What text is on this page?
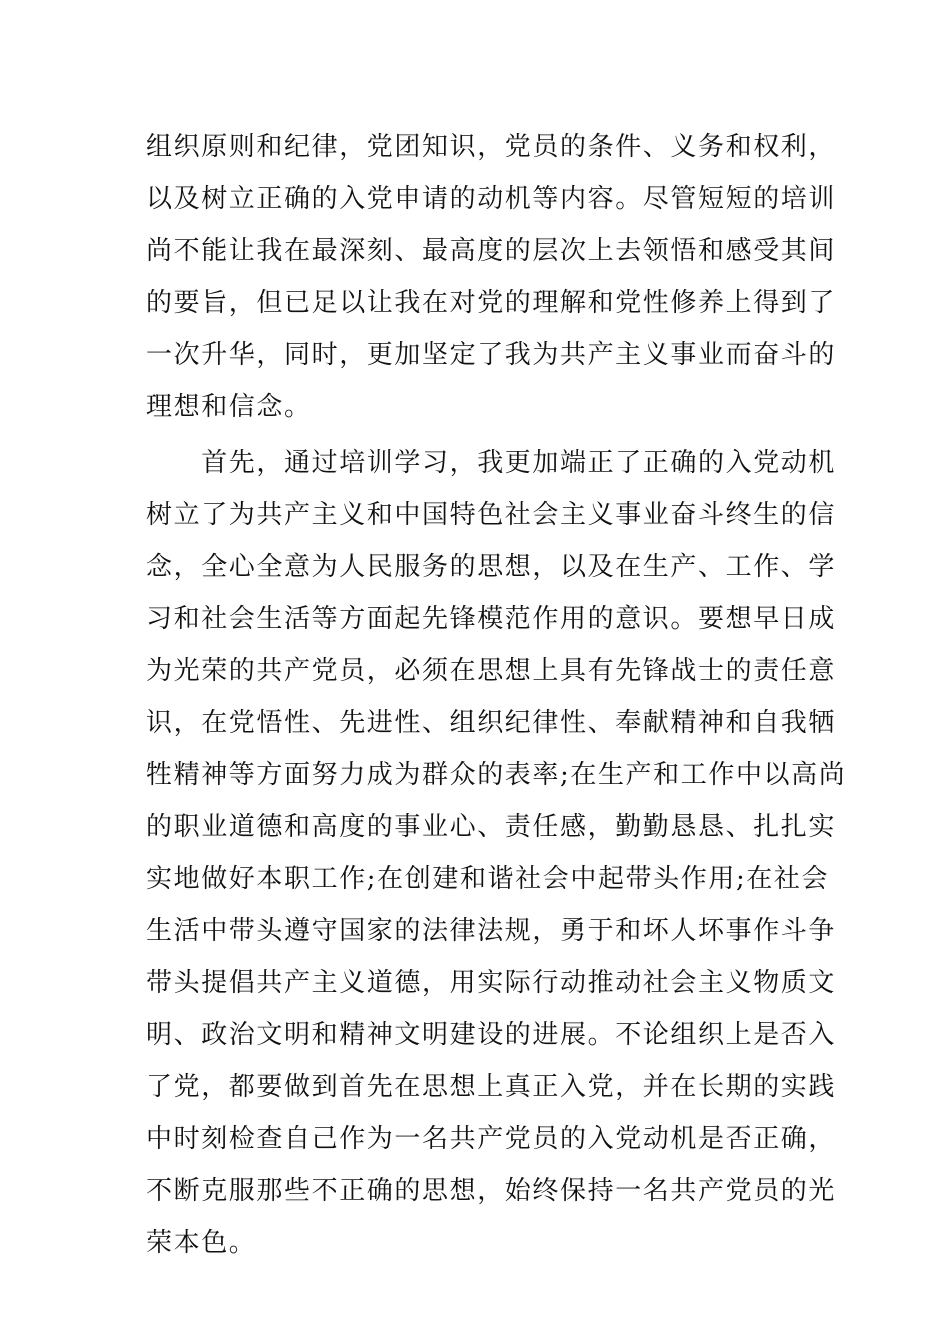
组织原则和纪律，党团知识，党员的条件、义务和权利，
以及树立正确的入党申请的动机等内容。尽管短短的培训
尚不能让我在最深刻、最高度的层次上去领悟和感受其间
的要旨，但已足以让我在对党的理解和党性修养上得到了
一次升华，同时，更加坚定了我为共产主义事业而奋斗的
理想和信念。
　　首先，通过培训学习，我更加端正了正确的入党动机
树立了为共产主义和中国特色社会主义事业奋斗终生的信
念，全心全意为人民服务的思想，以及在生产、工作、学
习和社会生活等方面起先锋模范作用的意识。要想早日成
为光荣的共产党员，必须在思想上具有先锋战士的责任意
识，在党悟性、先进性、组织纪律性、奉献精神和自我牺
牲精神等方面努力成为群众的表率;在生产和工作中以高尚
的职业道德和高度的事业心、责任感，勤勤恳恳、扎扎实
实地做好本职工作;在创建和谐社会中起带头作用;在社会
生活中带头遵守国家的法律法规，勇于和坏人坏事作斗争
带头提倡共产主义道德，用实际行动推动社会主义物质文
明、政治文明和精神文明建设的进展。不论组织上是否入
了党，都要做到首先在思想上真正入党，并在长期的实践
中时刻检查自己作为一名共产党员的入党动机是否正确，
不断克服那些不正确的思想，始终保持一名共产党员的光
荣本色。
